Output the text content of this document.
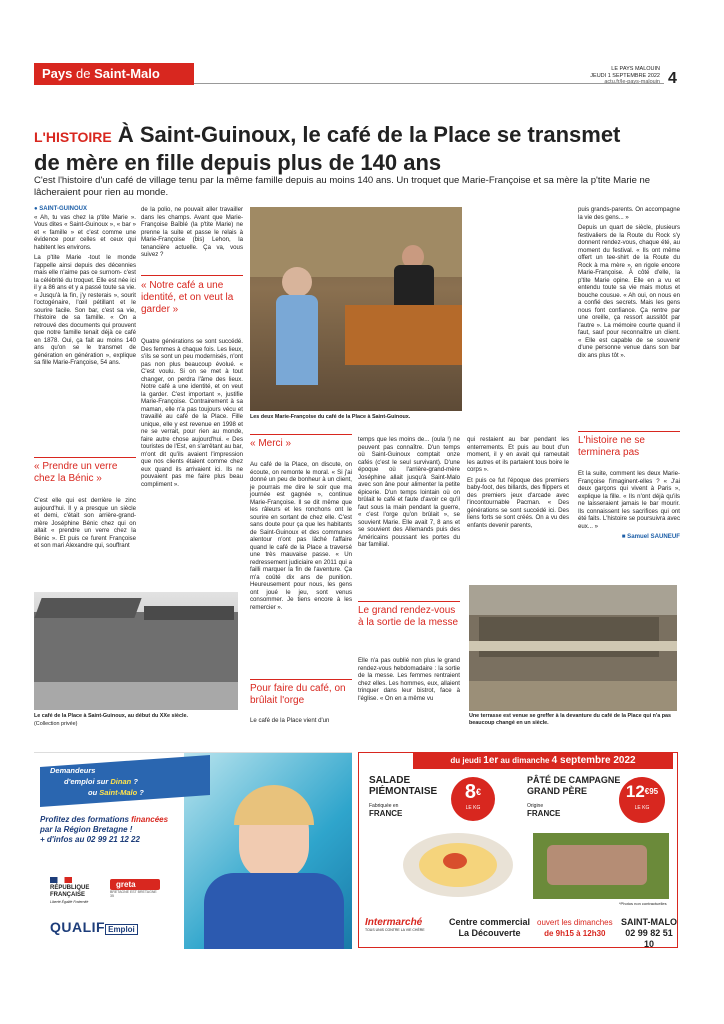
Pays de Saint-Malo	LE PAYS MALOUIN
JEUDI 1 SEPTEMBRE 2022
actu.fr/le-pays-malouin 4
L'HISTOIRE À Saint-Guinoux, le café de la Place se transmet
de mère en fille depuis plus de 140 ans
C'est l'histoire d'un café de village tenu par la même famille depuis au moins 140 ans. Un troquet que Marie-Françoise et sa mère la p'tite Marie ne lâcheraient pour rien au monde.
● SAINT-GUINOUX

« Ah, tu vas chez la p'tite Marie ». Vous dites « Saint-Guinoux », « bar » et « famille » et c'est comme une évidence pour celles et ceux qui habitent les environs.

La p'tite Marie -tout le monde l'appelle ainsi depuis des décennies mais elle n'aime pas ce surnom- c'est la célébrité du troquet. Elle est née ici il y a 86 ans et y a passé toute sa vie. « Jusqu'à la fin, j'y resterais », sourit l'octogénaire, l'œil pétillant et le sourire facile. Son bar, c'est sa vie, l'histoire de sa famille. « On a retrouvé des documents qui prouvent que notre famille tenait déjà ce café en 1878. Oui, ça fait au moins 140 ans qu'on se le transmet de génération en génération », explique sa fille Marie-Françoise, 54 ans.

« Prendre un verre chez la Bénic »

C'est elle qui est derrière le zinc aujourd'hui. Il y a presque un siècle et demi, c'était son arrière-grand-mère Joséphine Bénic chez qui on allait « prendre un verre chez la Bénic ». Et puis ce furent Françoise et son mari Alexandre qui, souffrant

de la polio, ne pouvait aller travailler dans les champs. Avant que Marie-Françoise Baïblé (la p'tite Marie) ne prenne la suite et passe le relais à Marie-Françoise (bis) Lehon, la tenancière actuelle. Ça va, vous suivez ?

« Notre café a une identité, et on veut la garder »

Quatre générations se sont succédé. Des femmes à chaque fois. Les lieux, s'ils se sont un peu modernisés, n'ont pas non plus beaucoup évolué. « C'est voulu. Si on se met à tout changer, on perdra l'âme des lieux. Notre café a une identité, et on veut la garder. C'est important », justifie Marie-Françoise. Contrairement à sa maman, elle n'a pas toujours vécu et travaillé au café de la Place. Fille unique, elle y est revenue en 1998 et ne se verrait, pour rien au monde, faire autre chose aujourd'hui. « Des touristes de l'Est, en s'arrêtant au bar, m'ont dit qu'ils avaient l'impression que nos clients étaient comme chez eux quand ils arrivaient ici. Ils ne pouvaient pas me faire plus beau compliment ».

Les deux Marie-Françoise du café de la Place à Saint-Guinoux.
« Merci »

Au café de la Place, on discute, on écoute, on remonte le moral. « Si j'ai donné un peu de bonheur à un client, je pourrais me dire le soir que ma journée est gagnée », continue Marie-Françoise. Il se dit même que les râleurs et les ronchons ont le sourire en sortant de chez elle. C'est sans doute pour ça que les habitants de Saint-Guinoux et des communes alentour n'ont pas lâché l'affaire quand le café de la Place a traversé une très mauvaise passe. « Un redressement judiciaire en 2011 qui a failli marquer la fin de l'aventure. Ça m'a coûté dix ans de punition. Heureusement pour nous, les gens ont joué le jeu, sont venus consommer. Je tiens encore à les remercier ».

Pour faire du café, on brûlait l'orge

Le café de la Place vient d'un

temps que les moins de... (oula !) ne peuvent pas connaître. D'un temps où Saint-Guinoux comptait onze cafés (c'est le seul survivant). D'une époque où l'arrière-grand-mère Joséphine allait jusqu'à Saint-Malo avec son âne pour alimenter la petite épicerie. D'un temps lointain où on brûlait le café et faute d'avoir ce qu'il faut sous la main pendant la guerre, « c'est l'orge qu'on brûlait », se souvient Marie. Elle avait 7, 8 ans et se souvient des Allemands puis des Américains poussant les portes du bar familial.

Le grand rendez-vous à la sortie de la messe

Elle n'a pas oublié non plus le grand rendez-vous hebdomadaire : la sortie de la messe. Les femmes rentraient chez elles. Les hommes, eux, allaient trinquer dans leur bistrot, face à l'église. « On en a même vu

qui restaient au bar pendant les enterrements. Et puis au bout d'un moment, il y en avait qui rameutait les autres et ils partaient tous boire le corps ».

Et puis ce fut l'époque des premiers baby-foot, des billards, des flippers et des premiers jeux d'arcade avec l'incontournable Pacman. « Des générations se sont succédé ici. Des liens forts se sont créés. On a vu des enfants devenir parents,

puis grands-parents. On accompagne la vie des gens... »

Depuis un quart de siècle, plusieurs festivaliers de la Route du Rock s'y donnent rendez-vous, chaque été, au moment du festival. « Ils ont même offert un tee-shirt de la Route du Rock à ma mère », en rigole encore Marie-Françoise. À côté d'elle, la p'tite Marie opine. Elle en a vu et entendu toute sa vie mais motus et bouche cousue. « Ah oui, on nous en a confié des secrets. Mais les gens nous font confiance. Ça rentre par une oreille, ça ressort aussitôt par l'autre ». La mémoire courte quand il faut, sauf pour reconnaître un client. « Elle est capable de se souvenir d'une personne venue dans son bar dix ans plus tôt ».

L'histoire ne se terminera pas

Et la suite, comment les deux Marie-Françoise l'imaginent-elles ? « J'ai deux garçons qui vivent à Paris », explique la fille. « Ils n'ont déjà qu'ils ne laisseraient jamais le bar mourir. Ils connaissent les sacrifices qui ont été faits. L'histoire se poursuivra avec eux... »

■ Samuel SAUNEUF
Le café de la Place à Saint-Guinoux, au début du XXe siècle.
(Collection privée)
Une terrasse est venue se greffer à la devanture du café de la Place qui n'a pas beaucoup changé en un siècle.
Demandeurs
d'emploi sur Dinan ?
ou Saint-Malo ?
Profitez des formations financées
par la Région Bretagne !
+ d'infos au 02 99 21 12 22
RÉPUBLIQUE
FRANÇAISE
Liberté Égalité Fraternité
greta
BRETAGNE EST BRETAGNE 35
QUALIF Emploi
du jeudi 1er au dimanche 4 septembre 2022
SALADE
PIÉMONTAISE
Fabriquée en
FRANCE
8€
LE KG
PÂTÉ DE CAMPAGNE
GRAND PÈRE
Origine
FRANCE
$12^{€95}$
LE KG
*Photos non contractuelles
Intermarché
TOUS UNIS CONTRE LA VIE CHÈRE
Centre commercial
La Découverte
ouvert les dimanches
de 9h15 à 12h30
SAINT-MALO
02 99 82 51 10
